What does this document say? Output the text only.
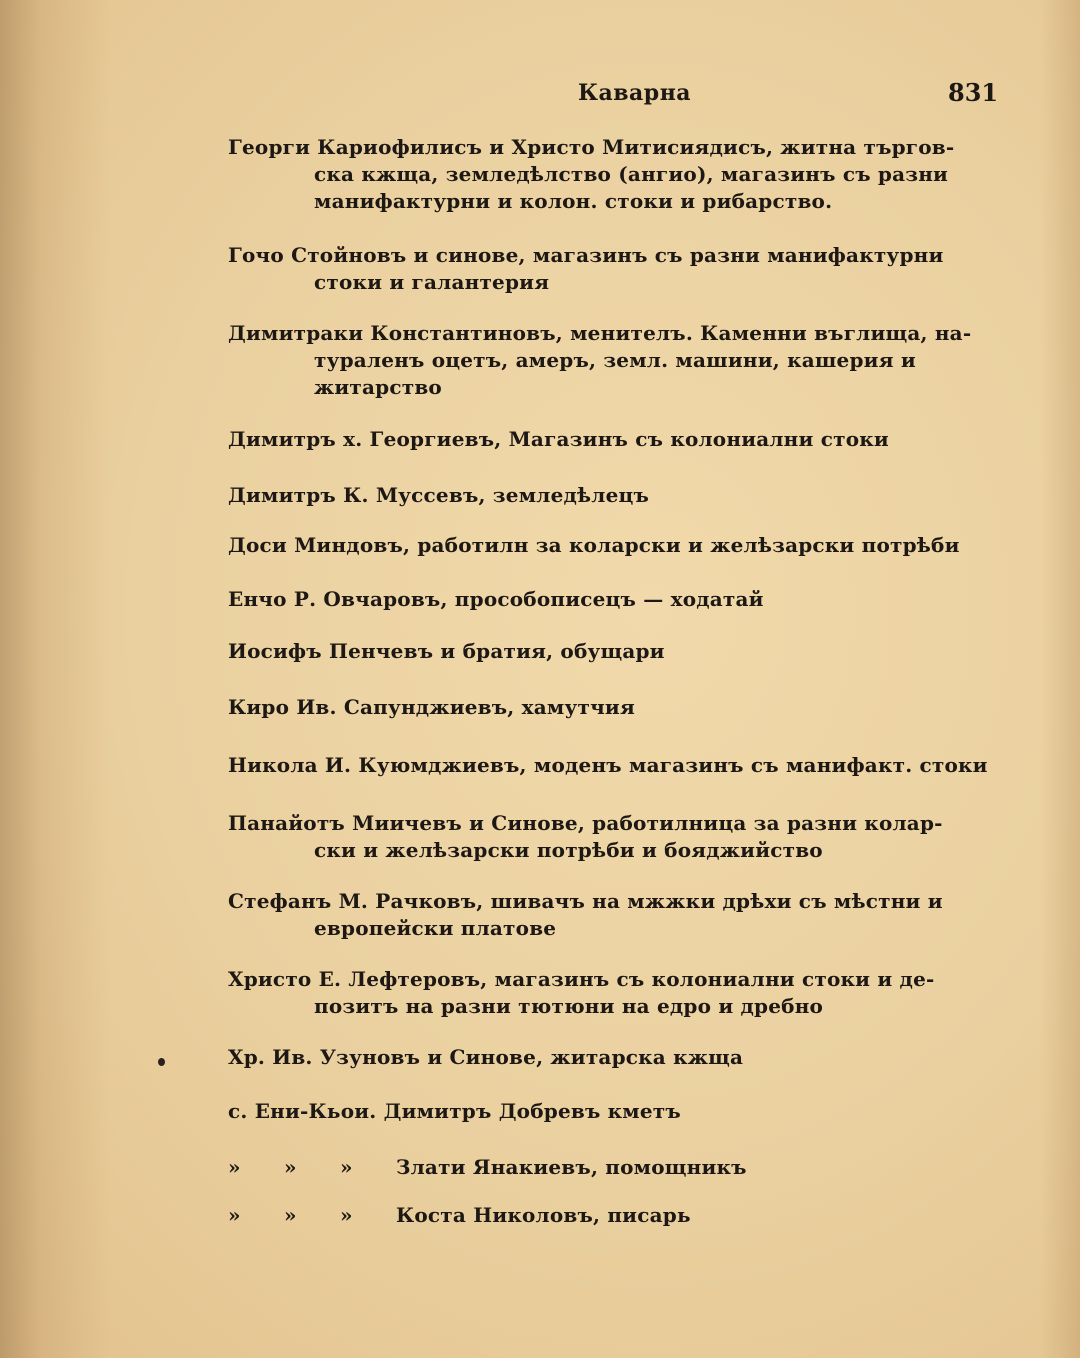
Каварна	831
Георги Кариофилисъ и Христо Митисиядисъ, житна търгов-
ска кжща, земледѣлство (ангио), магазинъ съ разни
манифактурни и колон. стоки и рибарство.
Гочо Стойновъ и синове, магазинъ съ разни манифактурни
стоки и галантерия
Димитраки Константиновъ, менителъ. Каменни въглища, на-
тураленъ оцетъ, амеръ, земл. машини, кашерия и
житарство
Димитръ х. Георгиевъ, Магазинъ съ колониални стоки
Димитръ К. Муссевъ, земледѣлецъ
Доси Миндовъ, работилн за коларски и желѣзарски потрѣби
Енчо Р. Овчаровъ, прособописецъ — ходатай
Иосифъ Пенчевъ и братия, обущари
Киро Ив. Сапунджиевъ, хамутчия
Никола И. Куюмджиевъ, моденъ магазинъ съ манифакт. стоки
Панайотъ Миичевъ и Синове, работилница за разни колар-
ски и желѣзарски потрѣби и бояджийство
Стефанъ М. Рачковъ, шивачъ на мжжки дрѣхи съ мѣстни и
европейски платове
Христо Е. Лефтеровъ, магазинъ съ колониални стоки и де-
позитъ на разни тютюни на едро и дребно
Хр. Ив. Узуновъ и Синове, житарска кжща
с. Ени-Кьои. Димитръ Добревъ кметъ
» » » Злати Янакиевъ, помощникъ
» » » Коста Николовъ, писарь
